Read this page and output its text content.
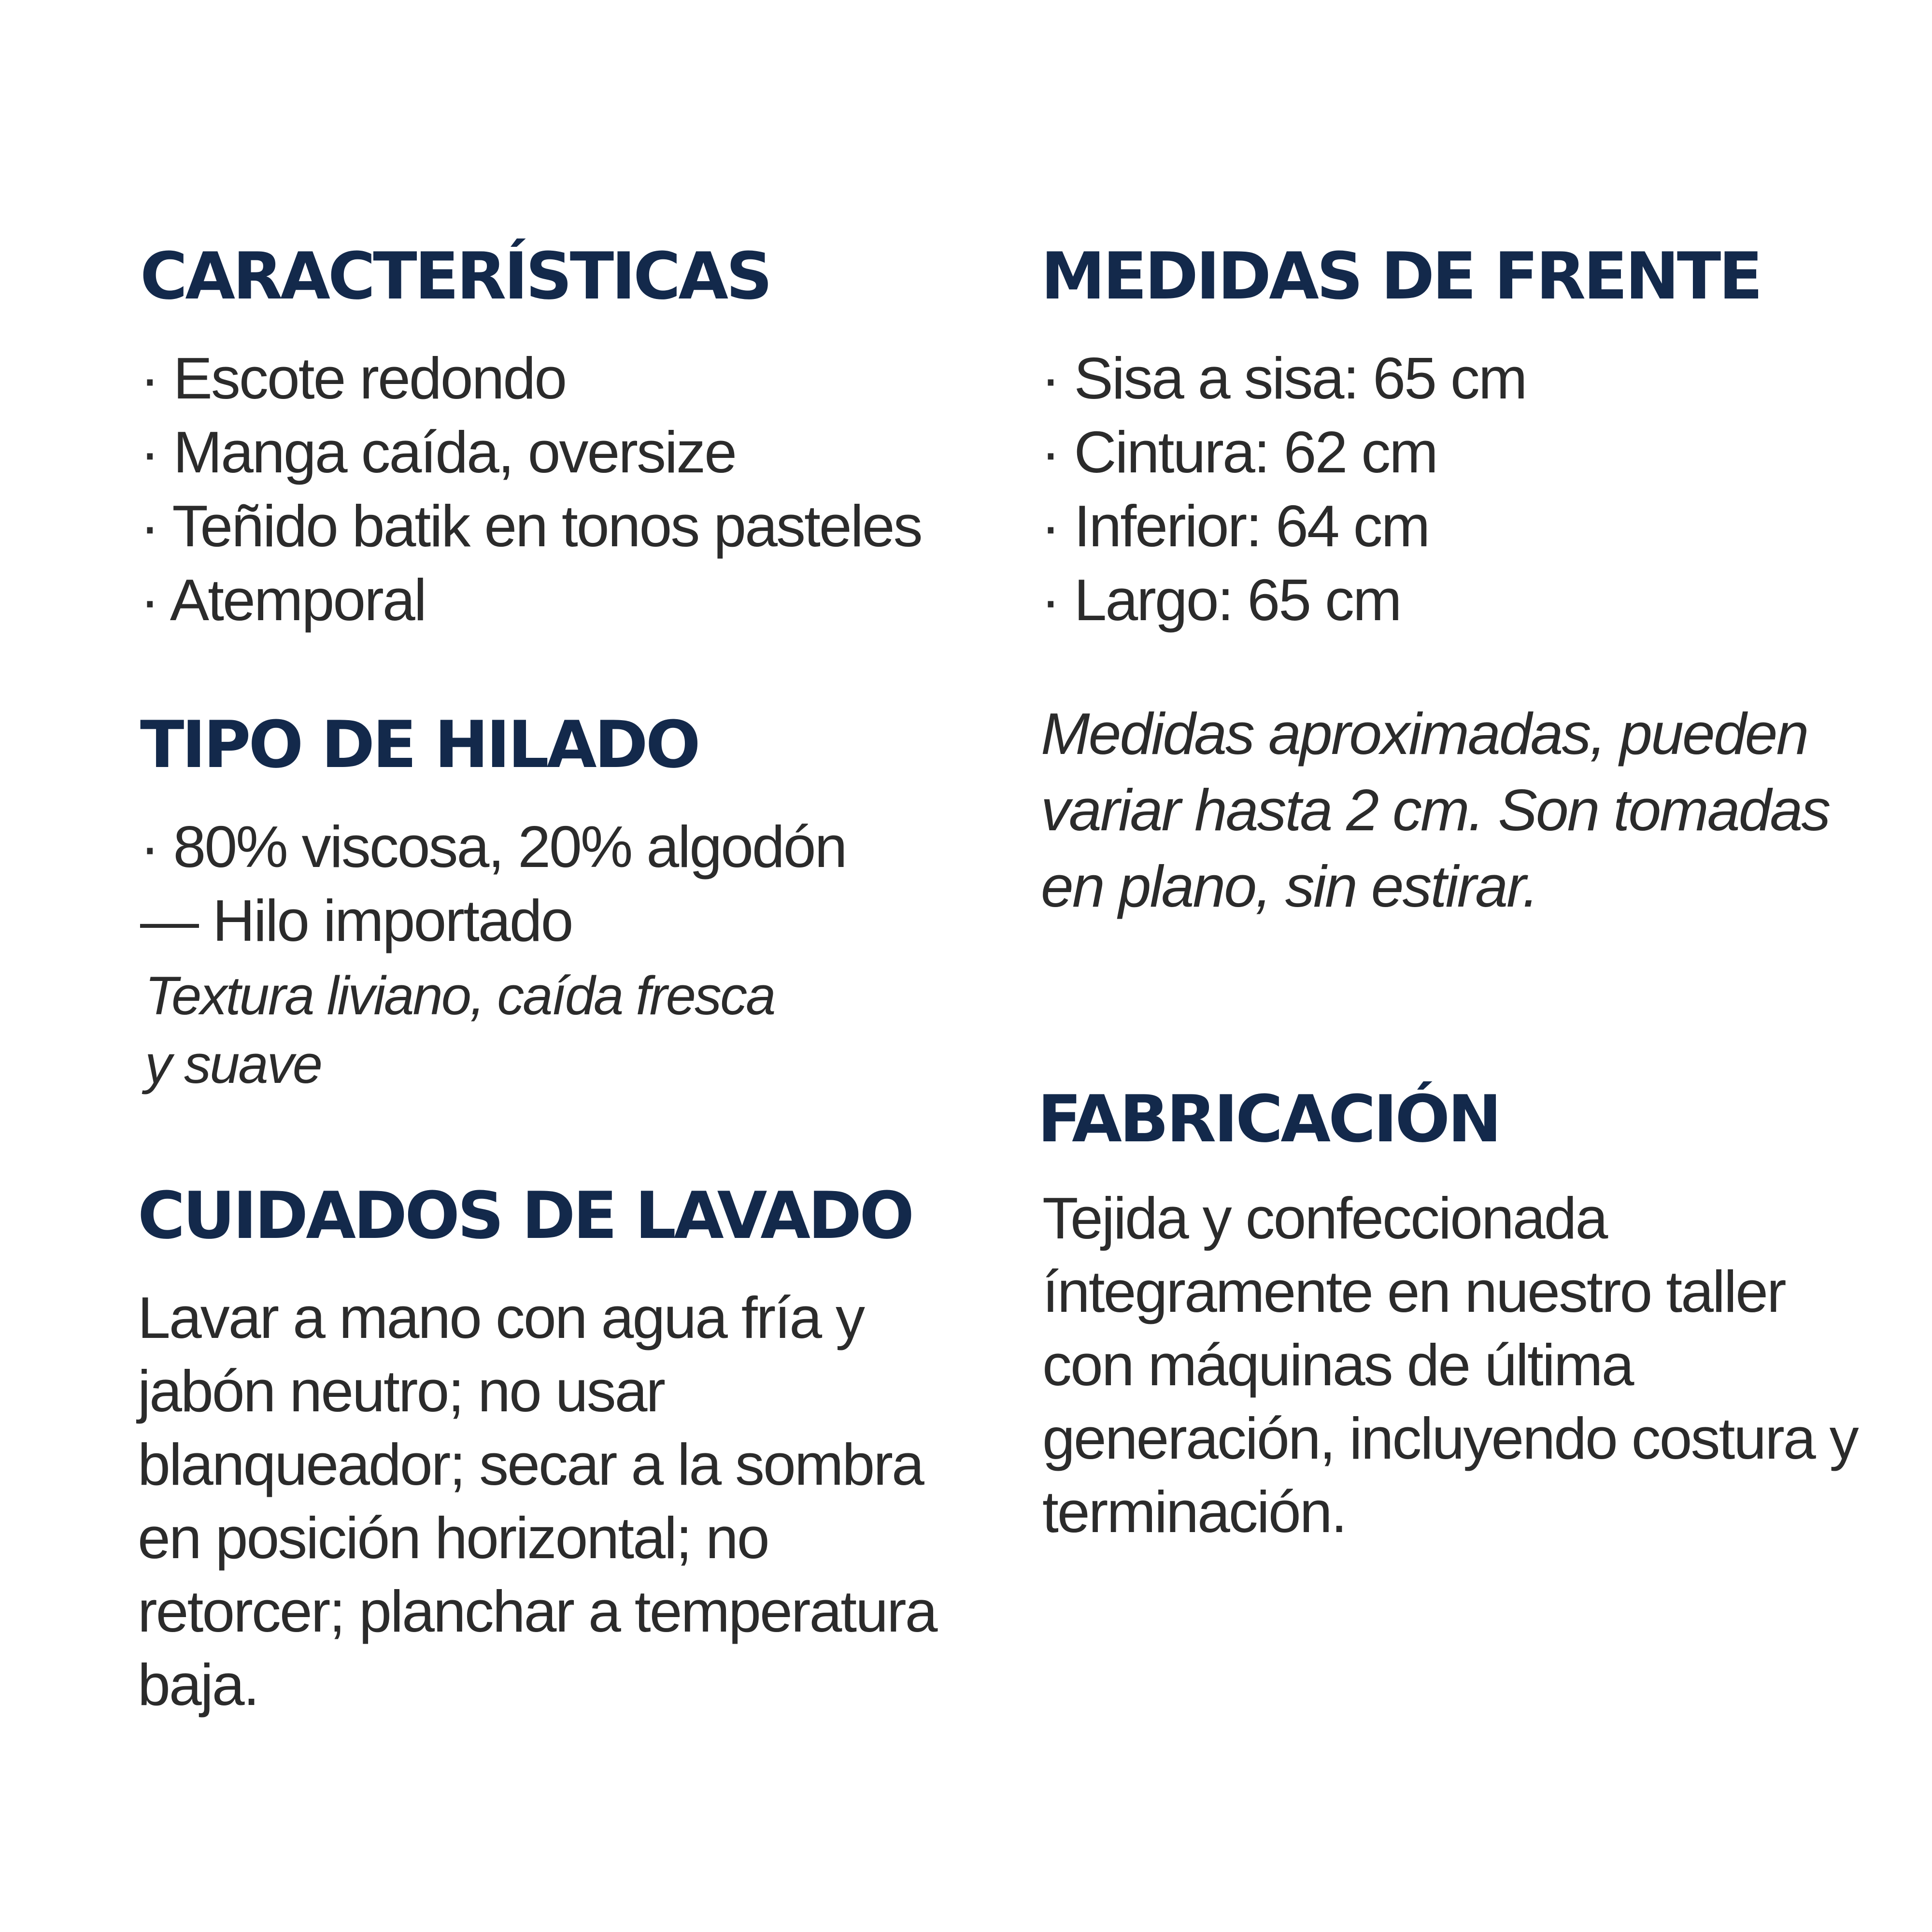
CARACTERÍSTICAS
· Escote redondo
· Manga caída, oversize
· Teñido batik en tonos pasteles
· Atemporal
TIPO DE HILADO
· 80% viscosa, 20% algodón
— Hilo importado

Textura liviano, caída fresca
y suave

CUIDADOS DE LAVADO

Lavar a mano con agua fría y jabón neutro; no usar blanqueador; secar a la sombra en posición horizontal; no retorcer; planchar a temperatura baja.

MEDIDAS DE FRENTE
· Sisa a sisa: 65 cm
· Cintura: 62 cm
· Inferior: 64 cm
· Largo: 65 cm

Medidas aproximadas, pueden variar hasta 2 cm. Son tomadas en plano, sin estirar.

FABRICACIÓN

Tejida y confeccionada íntegramente en nuestro taller con máquinas de última generación, incluyendo costura y terminación.
